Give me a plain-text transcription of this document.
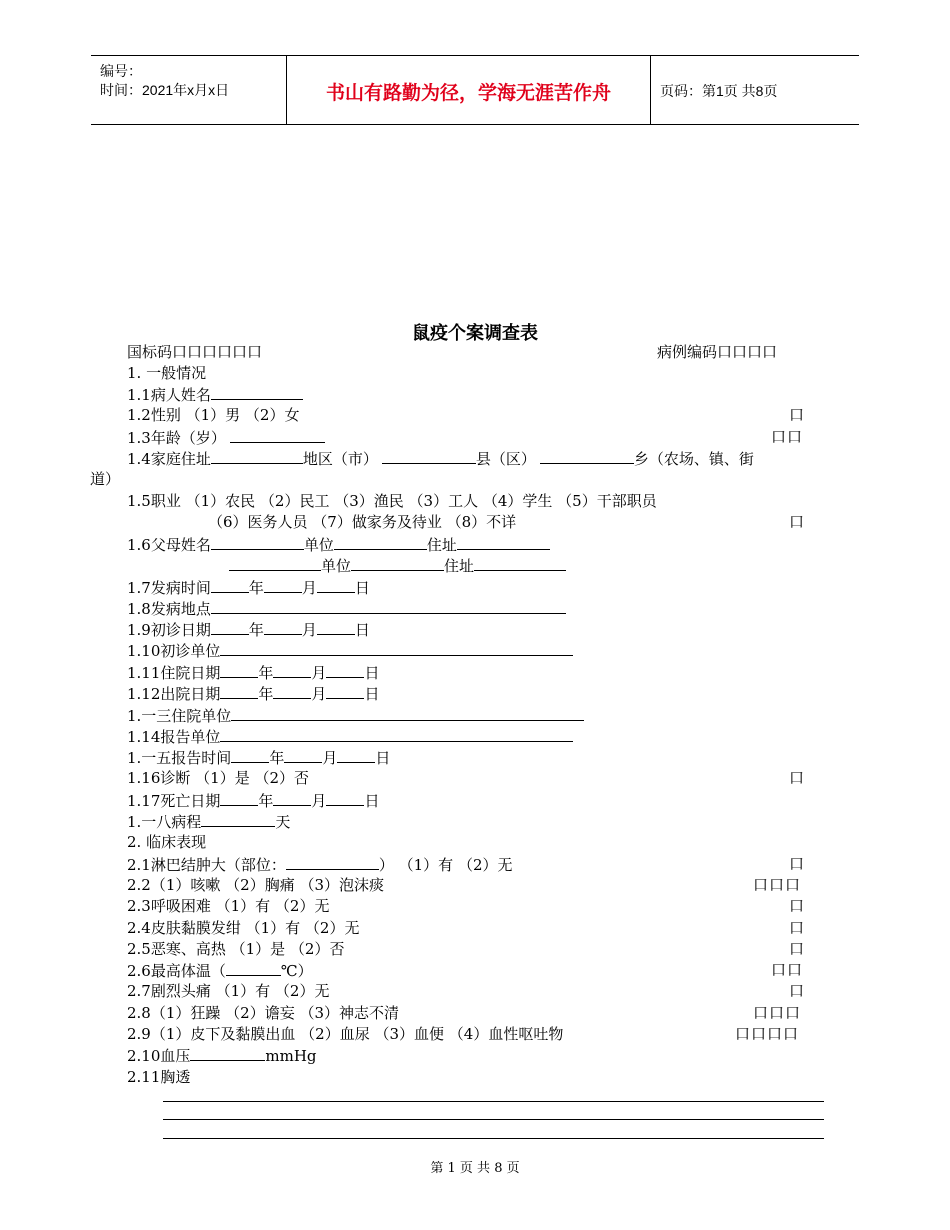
编号：
时间：2021年x月x日	书山有路勤为径，学海无涯苦作舟	页码：第1页 共8页
鼠疫个案调查表
国标码口口口口口口	病例编码口口口口
1. 一般情况
1.1病人姓名
1.2性别 （1）男 （2）女	口
1.3年龄（岁）	口口
1.4家庭住址	地区（市）	县（区）	乡（农场、镇、街
道）
1.5职业 （1）农民 （2）民工 （3）渔民 （3）工人 （4）学生 （5）干部职员
（6）医务人员 （7）做家务及待业 （8）不详	口
1.6父母姓名	单位	住址
单位	住址
1.7发病时间	年	月	日
1.8发病地点
1.9初诊日期	年	月	日
1.10初诊单位
1.11住院日期	年	月	日
1.12出院日期	年	月	日
1.一三住院单位
1.14报告单位
1.一五报告时间	年	月	日
1.16诊断 （1）是 （2）否	口
1.17死亡日期	年	月	日
1.一八病程	天
2. 临床表现
2.1淋巴结肿大（部位：	） （1）有 （2）无	口
2.2（1）咳嗽 （2）胸痛 （3）泡沫痰	口口口
2.3呼吸困难 （1）有 （2）无	口
2.4皮肤黏膜发绀 （1）有 （2）无	口
2.5恶寒、高热 （1）是 （2）否	口
2.6最高体温（	℃）	口口
2.7剧烈头痛 （1）有 （2）无	口
2.8（1）狂躁 （2）谵妄 （3）神志不清	口口口
2.9（1）皮下及黏膜出血 （2）血尿 （3）血便 （4）血性呕吐物	口口口口
2.10血压	mmHg
2.11胸透
第 1 页 共 8 页
